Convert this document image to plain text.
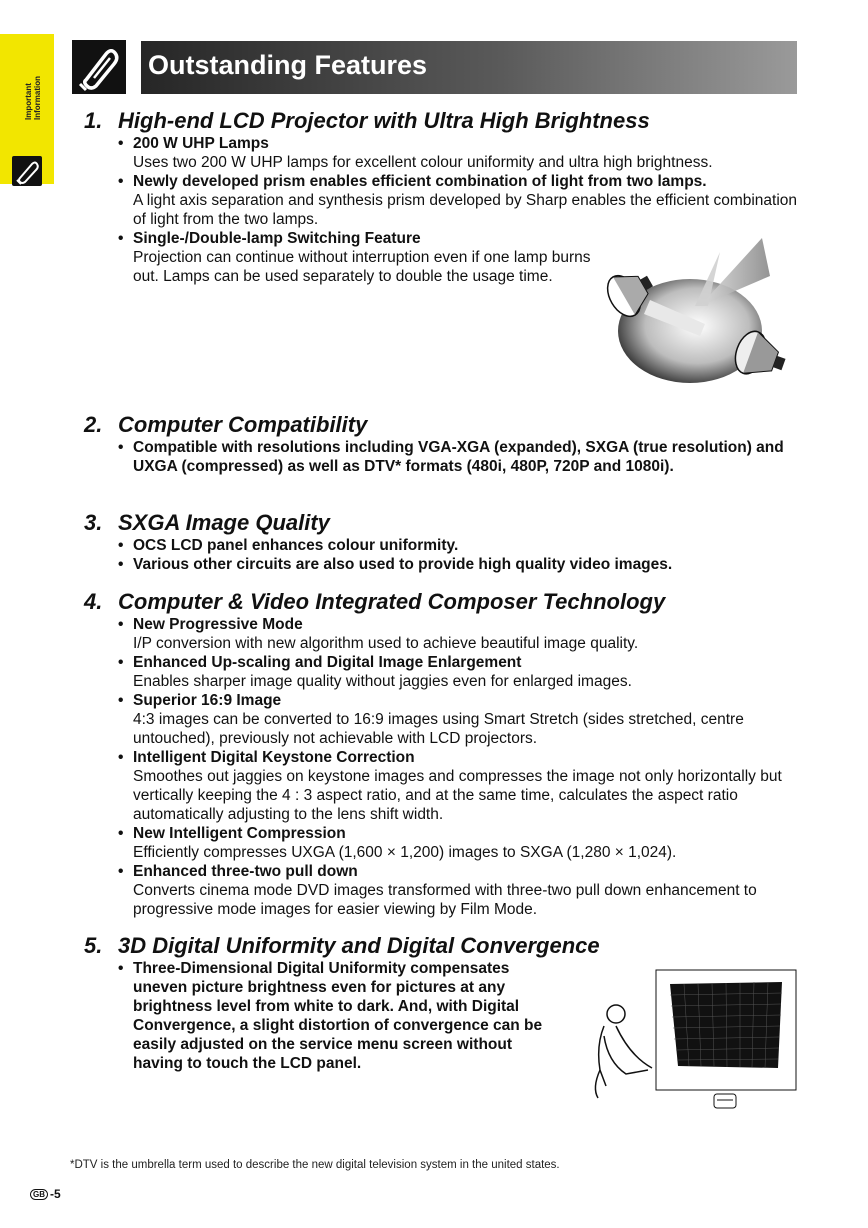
Important
Information
Outstanding Features
1. High-end LCD Projector with Ultra High Brightness
• 200 W UHP Lamps
Uses two 200 W UHP lamps for excellent colour uniformity and ultra high brightness.
• Newly developed prism enables efficient combination of light from two lamps.
A light axis separation and synthesis prism developed by Sharp enables the efficient combination of light from the two lamps.
• Single-/Double-lamp Switching Feature
Projection can continue without interruption even if one lamp burns out. Lamps can be used separately to double the usage time.
2. Computer Compatibility
• Compatible with resolutions including VGA-XGA (expanded), SXGA (true resolution) and UXGA (compressed) as well as DTV* formats (480i, 480P, 720P and 1080i).
3. SXGA Image Quality
• OCS LCD panel enhances colour uniformity.
• Various other circuits are also used to provide high quality video images.
4. Computer & Video Integrated Composer Technology
• New Progressive Mode
I/P conversion with new algorithm used to achieve beautiful image quality.
• Enhanced Up-scaling and Digital Image Enlargement
Enables sharper image quality without jaggies even for enlarged images.
• Superior 16:9 Image
4:3 images can be converted to 16:9 images using Smart Stretch (sides stretched, centre untouched), previously not achievable with LCD projectors.
• Intelligent Digital Keystone Correction
Smoothes out jaggies on keystone images and compresses the image not only horizontally but vertically keeping the 4 : 3 aspect ratio, and at the same time, calculates the aspect ratio automatically adjusting to the lens shift width.
• New Intelligent Compression
Efficiently compresses UXGA (1,600 × 1,200) images to SXGA (1,280 × 1,024).
• Enhanced three-two pull down
Converts cinema mode DVD images transformed with three-two pull down enhancement to progressive mode images for easier viewing by Film Mode.
5. 3D Digital Uniformity and Digital Convergence
• Three-Dimensional Digital Uniformity compensates uneven picture brightness even for pictures at any brightness level from white to dark. And, with Digital Convergence, a slight distortion of convergence can be easily adjusted on the service menu screen without having to touch the LCD panel.
*DTV is the umbrella term used to describe the new digital television system in the united states.
GB -5
